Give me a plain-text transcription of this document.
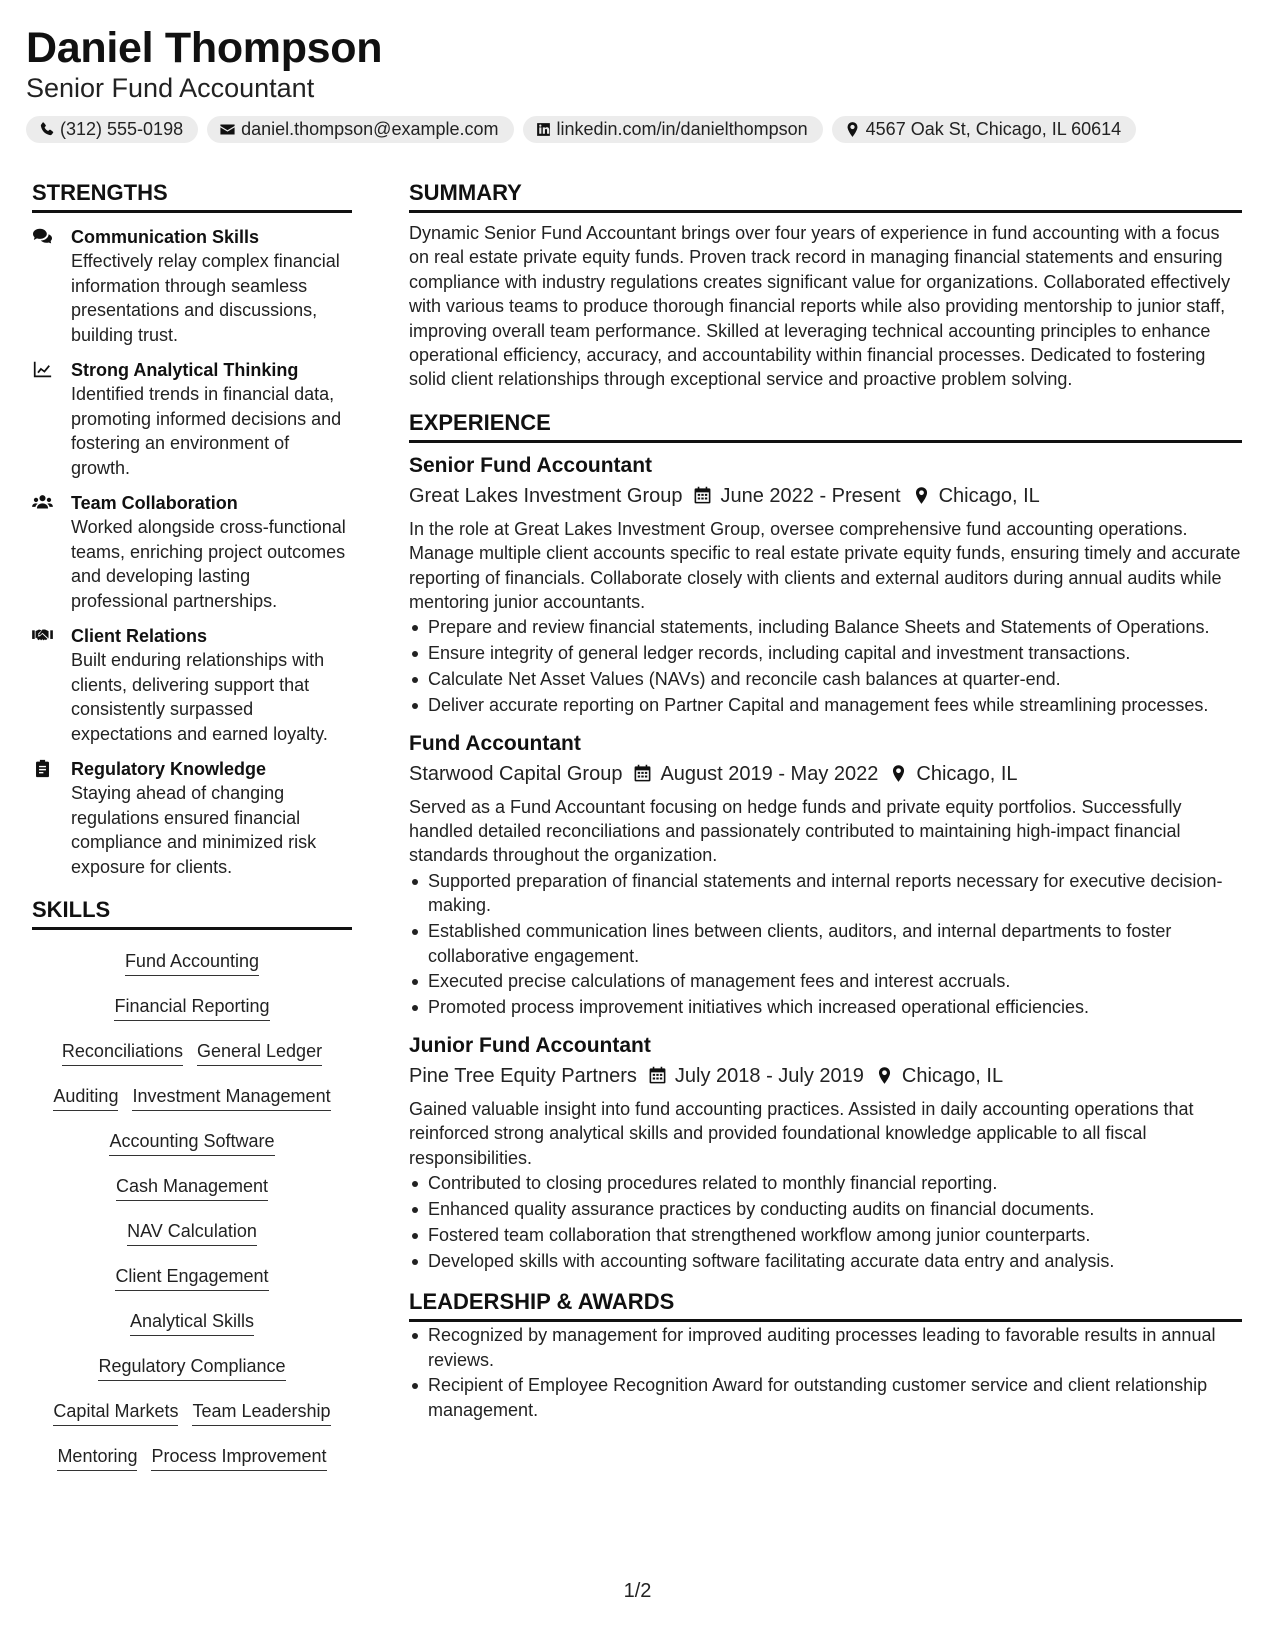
Daniel Thompson
Senior Fund Accountant
(312) 555-0198	daniel.thompson@example.com	linkedin.com/in/danielthompson	4567 Oak St, Chicago, IL 60614
STRENGTHS
Communication Skills
Effectively relay complex financial information through seamless presentations and discussions, building trust.
Strong Analytical Thinking
Identified trends in financial data, promoting informed decisions and fostering an environment of growth.
Team Collaboration
Worked alongside cross-functional teams, enriching project outcomes and developing lasting professional partnerships.
Client Relations
Built enduring relationships with clients, delivering support that consistently surpassed expectations and earned loyalty.
Regulatory Knowledge
Staying ahead of changing regulations ensured financial compliance and minimized risk exposure for clients.
SKILLS
Fund Accounting
Financial Reporting
Reconciliations General Ledger
Auditing Investment Management
Accounting Software
Cash Management
NAV Calculation
Client Engagement
Analytical Skills
Regulatory Compliance
Capital Markets Team Leadership
Mentoring Process Improvement
SUMMARY
Dynamic Senior Fund Accountant brings over four years of experience in fund accounting with a focus on real estate private equity funds. Proven track record in managing financial statements and ensuring compliance with industry regulations creates significant value for organizations. Collaborated effectively with various teams to produce thorough financial reports while also providing mentorship to junior staff, improving overall team performance. Skilled at leveraging technical accounting principles to enhance operational efficiency, accuracy, and accountability within financial processes. Dedicated to fostering solid client relationships through exceptional service and proactive problem solving.
EXPERIENCE
Senior Fund Accountant
Great Lakes Investment Group June 2022 - Present Chicago, IL
In the role at Great Lakes Investment Group, oversee comprehensive fund accounting operations. Manage multiple client accounts specific to real estate private equity funds, ensuring timely and accurate reporting of financials. Collaborate closely with clients and external auditors during annual audits while mentoring junior accountants.
Prepare and review financial statements, including Balance Sheets and Statements of Operations.
Ensure integrity of general ledger records, including capital and investment transactions.
Calculate Net Asset Values (NAVs) and reconcile cash balances at quarter-end.
Deliver accurate reporting on Partner Capital and management fees while streamlining processes.
Fund Accountant
Starwood Capital Group August 2019 - May 2022 Chicago, IL
Served as a Fund Accountant focusing on hedge funds and private equity portfolios. Successfully handled detailed reconciliations and passionately contributed to maintaining high-impact financial standards throughout the organization.
Supported preparation of financial statements and internal reports necessary for executive decision-making.
Established communication lines between clients, auditors, and internal departments to foster collaborative engagement.
Executed precise calculations of management fees and interest accruals.
Promoted process improvement initiatives which increased operational efficiencies.
Junior Fund Accountant
Pine Tree Equity Partners July 2018 - July 2019 Chicago, IL
Gained valuable insight into fund accounting practices. Assisted in daily accounting operations that reinforced strong analytical skills and provided foundational knowledge applicable to all fiscal responsibilities.
Contributed to closing procedures related to monthly financial reporting.
Enhanced quality assurance practices by conducting audits on financial documents.
Fostered team collaboration that strengthened workflow among junior counterparts.
Developed skills with accounting software facilitating accurate data entry and analysis.
LEADERSHIP & AWARDS
Recognized by management for improved auditing processes leading to favorable results in annual reviews.
Recipient of Employee Recognition Award for outstanding customer service and client relationship management.
1/2
